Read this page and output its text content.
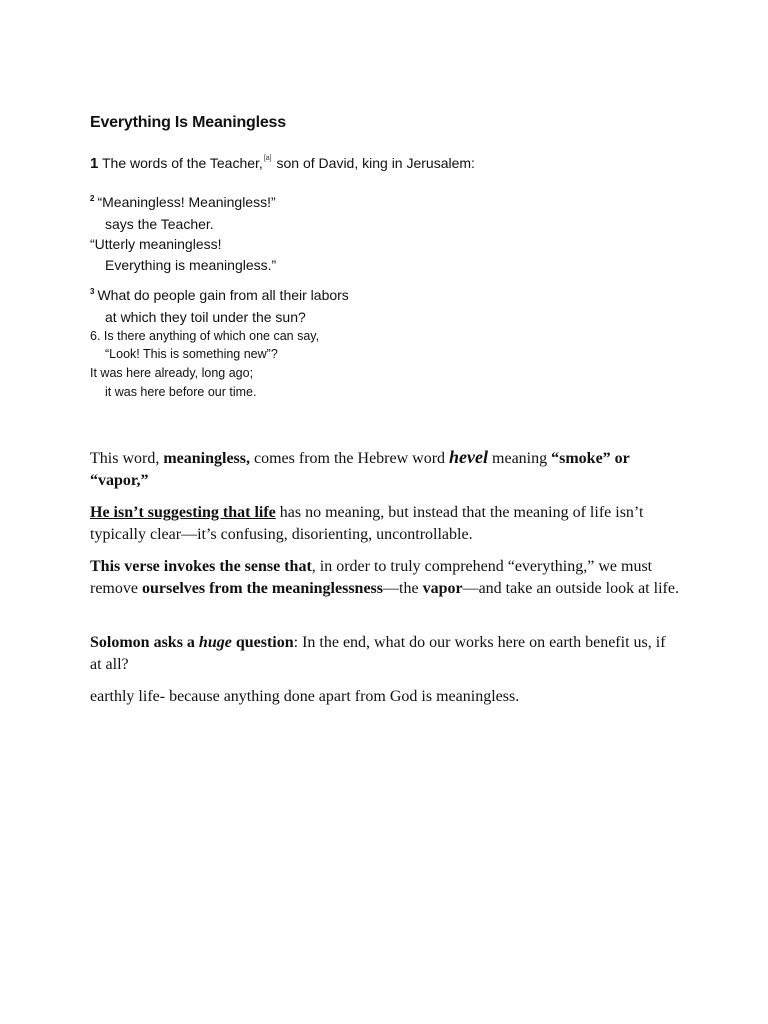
Everything Is Meaningless
1 The words of the Teacher,[a] son of David, king in Jerusalem:
$^2$ “Meaningless! Meaningless!”
says the Teacher.
“Utterly meaningless!
Everything is meaningless.”
$^3$ What do people gain from all their labors
at which they toil under the sun?
6. Is there anything of which one can say,
“Look! This is something new”?
It was here already, long ago;
it was here before our time.
This word, meaningless, comes from the Hebrew word hevel meaning “smoke” or “vapor,”
He isn’t suggesting that life has no meaning, but instead that the meaning of life isn’t typically clear—it’s confusing, disorienting, uncontrollable.
This verse invokes the sense that, in order to truly comprehend “everything,” we must remove ourselves from the meaninglessness—the vapor—and take an outside look at life.
Solomon asks a huge question: In the end, what do our works here on earth benefit us, if at all?
earthly life- because anything done apart from God is meaningless.
